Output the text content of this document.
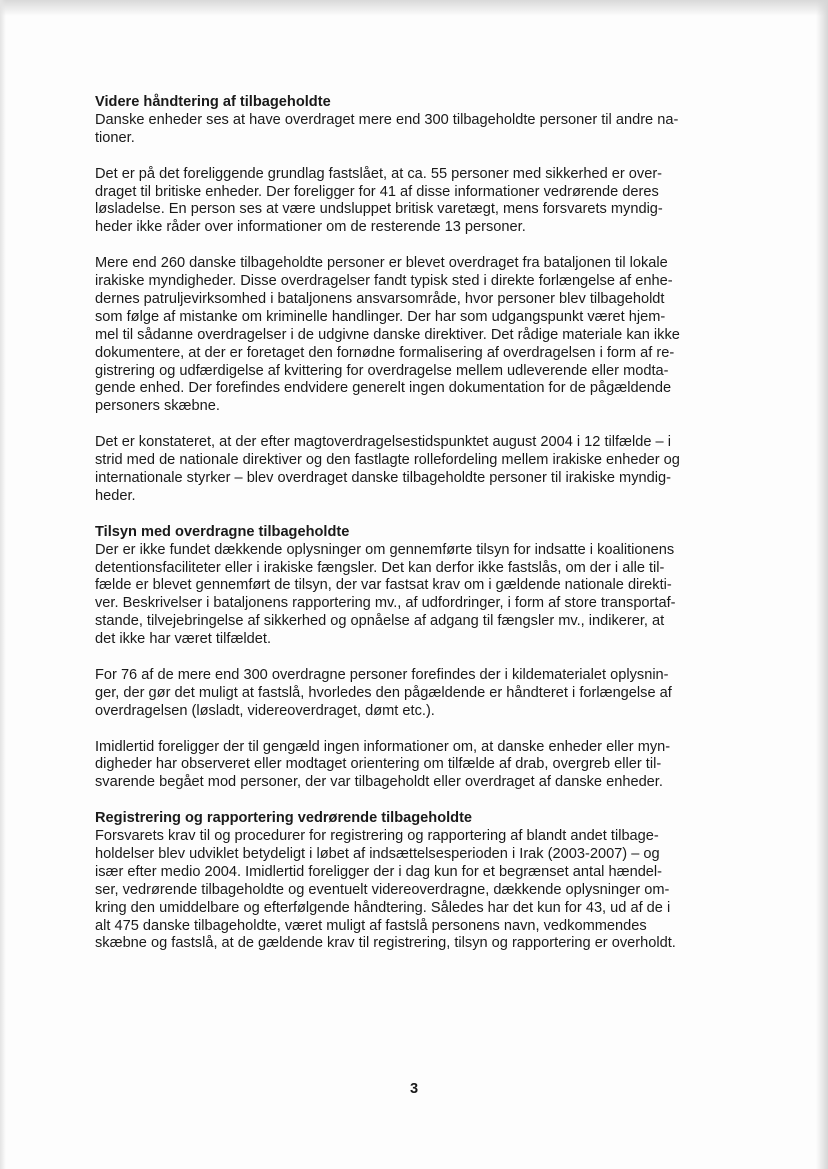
Videre håndtering af tilbageholdte

Danske enheder ses at have overdraget mere end 300 tilbageholdte personer til andre na-
tioner.

Det er på det foreliggende grundlag fastslået, at ca. 55 personer med sikkerhed er over-
draget til britiske enheder. Der foreligger for 41 af disse informationer vedrørende deres
løsladelse. En person ses at være undsluppet britisk varetægt, mens forsvarets myndig-
heder ikke råder over informationer om de resterende 13 personer.

Mere end 260 danske tilbageholdte personer er blevet overdraget fra bataljonen til lokale
irakiske myndigheder. Disse overdragelser fandt typisk sted i direkte forlængelse af enhe-
dernes patruljevirksomhed i bataljonens ansvarsområde, hvor personer blev tilbageholdt
som følge af mistanke om kriminelle handlinger. Der har som udgangspunkt været hjem-
mel til sådanne overdragelser i de udgivne danske direktiver. Det rådige materiale kan ikke
dokumentere, at der er foretaget den fornødne formalisering af overdragelsen i form af re-
gistrering og udfærdigelse af kvittering for overdragelse mellem udleverende eller modta-
gende enhed. Der forefindes endvidere generelt ingen dokumentation for de pågældende
personers skæbne.

Det er konstateret, at der efter magtoverdragelsestidspunktet august 2004 i 12 tilfælde – i
strid med de nationale direktiver og den fastlagte rollefordeling mellem irakiske enheder og
internationale styrker – blev overdraget danske tilbageholdte personer til irakiske myndig-
heder.

Tilsyn med overdragne tilbageholdte

Der er ikke fundet dækkende oplysninger om gennemførte tilsyn for indsatte i koalitionens
detentionsfaciliteter eller i irakiske fængsler. Det kan derfor ikke fastslås, om der i alle til-
fælde er blevet gennemført de tilsyn, der var fastsat krav om i gældende nationale direkti-
ver. Beskrivelser i bataljonens rapportering mv., af udfordringer, i form af store transportaf-
stande, tilvejebringelse af sikkerhed og opnåelse af adgang til fængsler mv., indikerer, at
det ikke har været tilfældet.

For 76 af de mere end 300 overdragne personer forefindes der i kildematerialet oplysnin-
ger, der gør det muligt at fastslå, hvorledes den pågældende er håndteret i forlængelse af
overdragelsen (løsladt, videreoverdraget, dømt etc.).

Imidlertid foreligger der til gengæld ingen informationer om, at danske enheder eller myn-
digheder har observeret eller modtaget orientering om tilfælde af drab, overgreb eller til-
svarende begået mod personer, der var tilbageholdt eller overdraget af danske enheder.

Registrering og rapportering vedrørende tilbageholdte

Forsvarets krav til og procedurer for registrering og rapportering af blandt andet tilbage-
holdelser blev udviklet betydeligt i løbet af indsættelsesperioden i Irak (2003-2007) – og
især efter medio 2004. Imidlertid foreligger der i dag kun for et begrænset antal hændel-
ser, vedrørende tilbageholdte og eventuelt videreoverdragne, dækkende oplysninger om-
kring den umiddelbare og efterfølgende håndtering. Således har det kun for 43, ud af de i
alt 475 danske tilbageholdte, været muligt af fastslå personens navn, vedkommendes
skæbne og fastslå, at de gældende krav til registrering, tilsyn og rapportering er overholdt.

3
